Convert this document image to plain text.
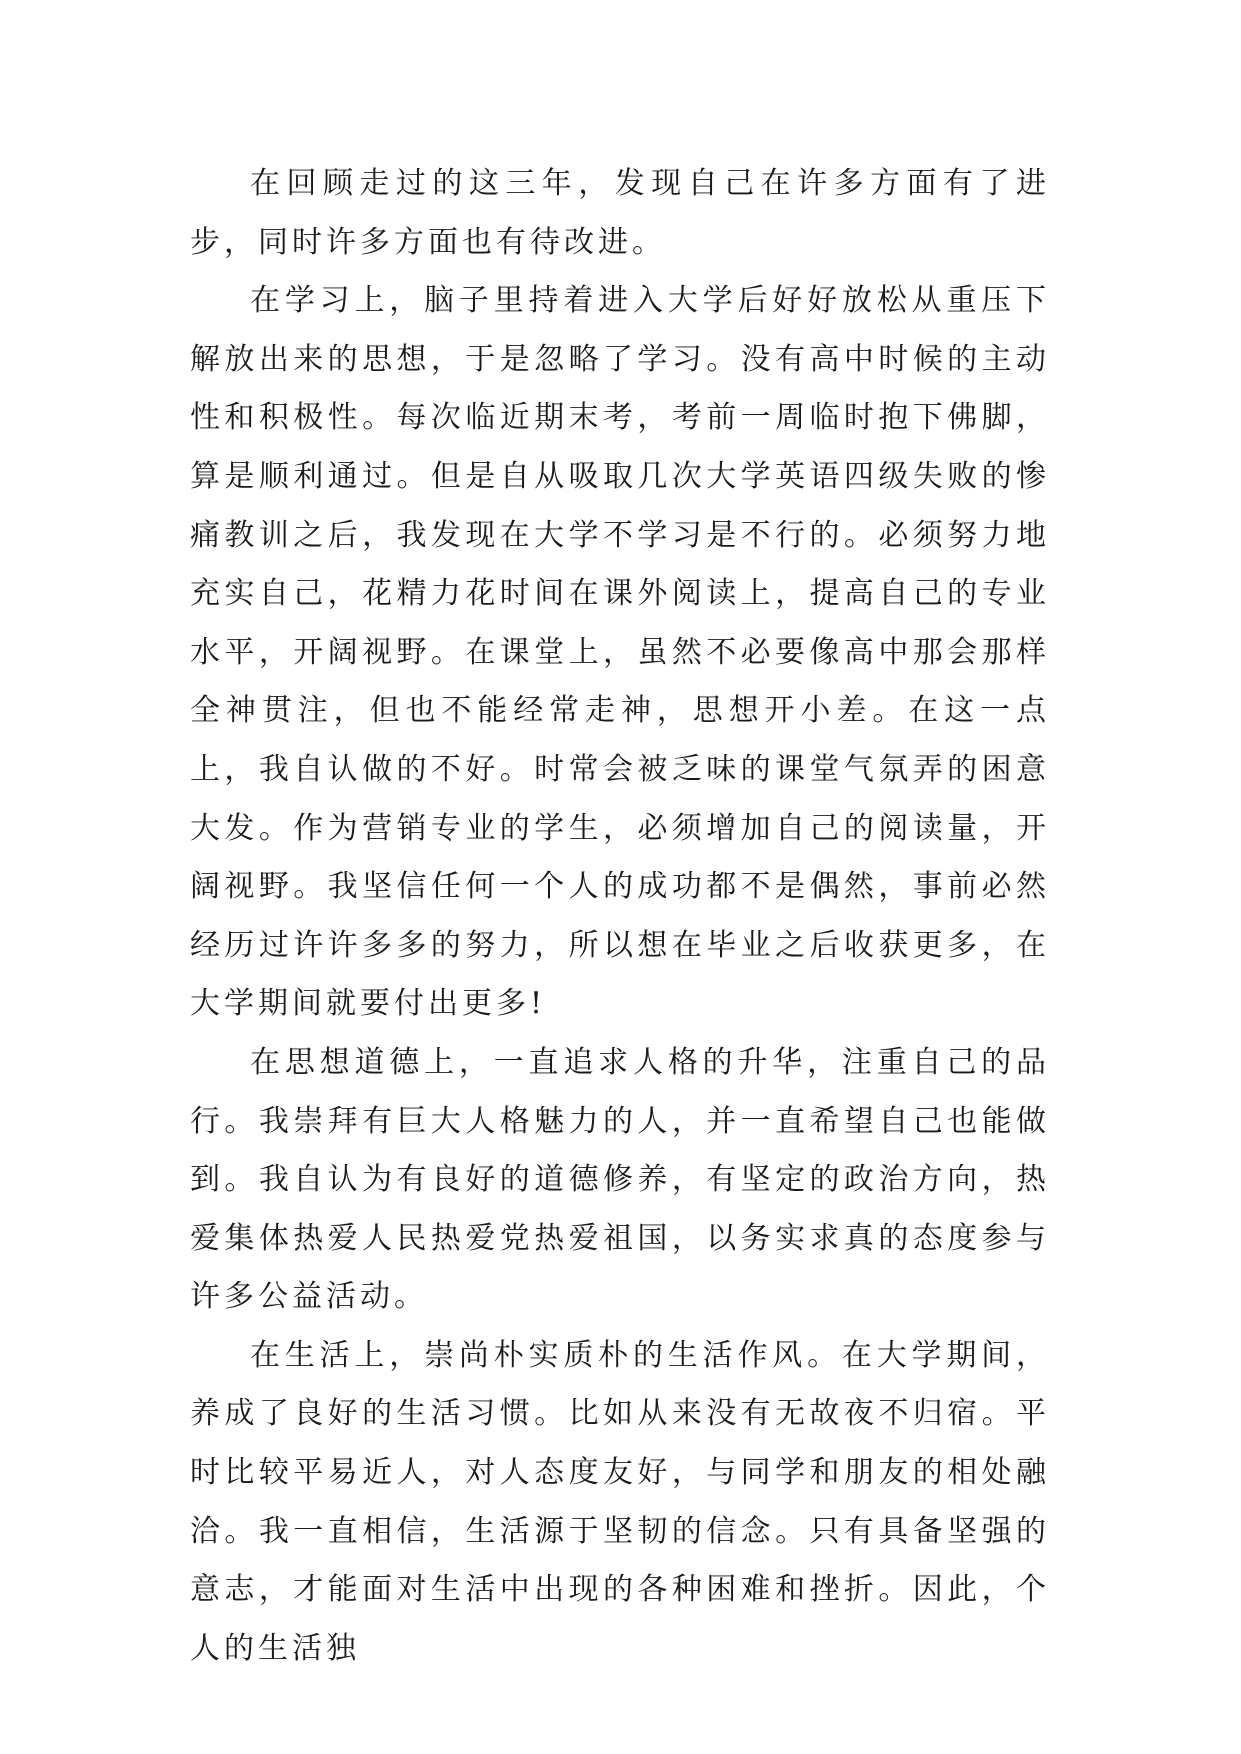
在回顾走过的这三年，发现自己在许多方面有了进步，同时许多方面也有待改进。

在学习上，脑子里持着进入大学后好好放松从重压下解放出来的思想，于是忽略了学习。没有高中时候的主动性和积极性。每次临近期末考，考前一周临时抱下佛脚，算是顺利通过。但是自从吸取几次大学英语四级失败的惨痛教训之后，我发现在大学不学习是不行的。必须努力地充实自己，花精力花时间在课外阅读上，提高自己的专业水平，开阔视野。在课堂上，虽然不必要像高中那会那样全神贯注，但也不能经常走神，思想开小差。在这一点上，我自认做的不好。时常会被乏味的课堂气氛弄的困意大发。作为营销专业的学生，必须增加自己的阅读量，开阔视野。我坚信任何一个人的成功都不是偶然，事前必然经历过许许多多的努力，所以想在毕业之后收获更多，在大学期间就要付出更多!

在思想道德上，一直追求人格的升华，注重自己的品行。我崇拜有巨大人格魅力的人，并一直希望自己也能做到。我自认为有良好的道德修养，有坚定的政治方向，热爱集体热爱人民热爱党热爱祖国，以务实求真的态度参与许多公益活动。

在生活上，崇尚朴实质朴的生活作风。在大学期间，养成了良好的生活习惯。比如从来没有无故夜不归宿。平时比较平易近人，对人态度友好，与同学和朋友的相处融洽。我一直相信，生活源于坚韧的信念。只有具备坚强的意志，才能面对生活中出现的各种困难和挫折。因此，个人的生活独
